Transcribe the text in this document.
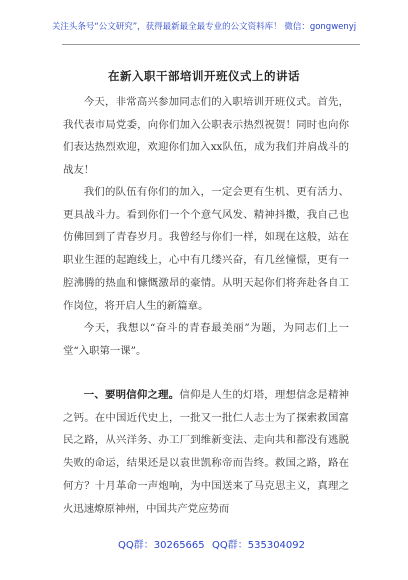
关注头条号“公文研究”，获得最新最全最专业的公文资料库！ 微信：gongwenyj
在新入职干部培训开班仪式上的讲话

今天，非常高兴参加同志们的入职培训开班仪式。首先，我代表市局党委，向你们加入公职表示热烈祝贺！同时也向你们表达热烈欢迎，欢迎你们加入xx队伍，成为我们并肩战斗的战友！

我们的队伍有你们的加入，一定会更有生机、更有活力、更具战斗力。看到你们一个个意气风发、精神抖擞，我自己也仿佛回到了青春岁月。我曾经与你们一样，如现在这般，站在职业生涯的起跑线上，心中有几缕兴奋，有几丝憧憬，更有一腔沸腾的热血和慷慨激昂的豪情。从明天起你们将奔赴各自工作岗位，将开启人生的新篇章。

今天，我想以“奋斗的青春最美丽”为题，为同志们上一堂“入职第一课”。

一、要明信仰之理。信仰是人生的灯塔，理想信念是精神之钙。在中国近代史上，一批又一批仁人志士为了探索救国富民之路，从兴洋务、办工厂到维新变法、走向共和都没有逃脱失败的命运，结果还是以袁世凯称帝而告终。救国之路，路在何方？十月革命一声炮响，为中国送来了马克思主义，真理之火迅速燎原神州，中国共产党应势而

QQ群：30265665 QQ群：535304092
